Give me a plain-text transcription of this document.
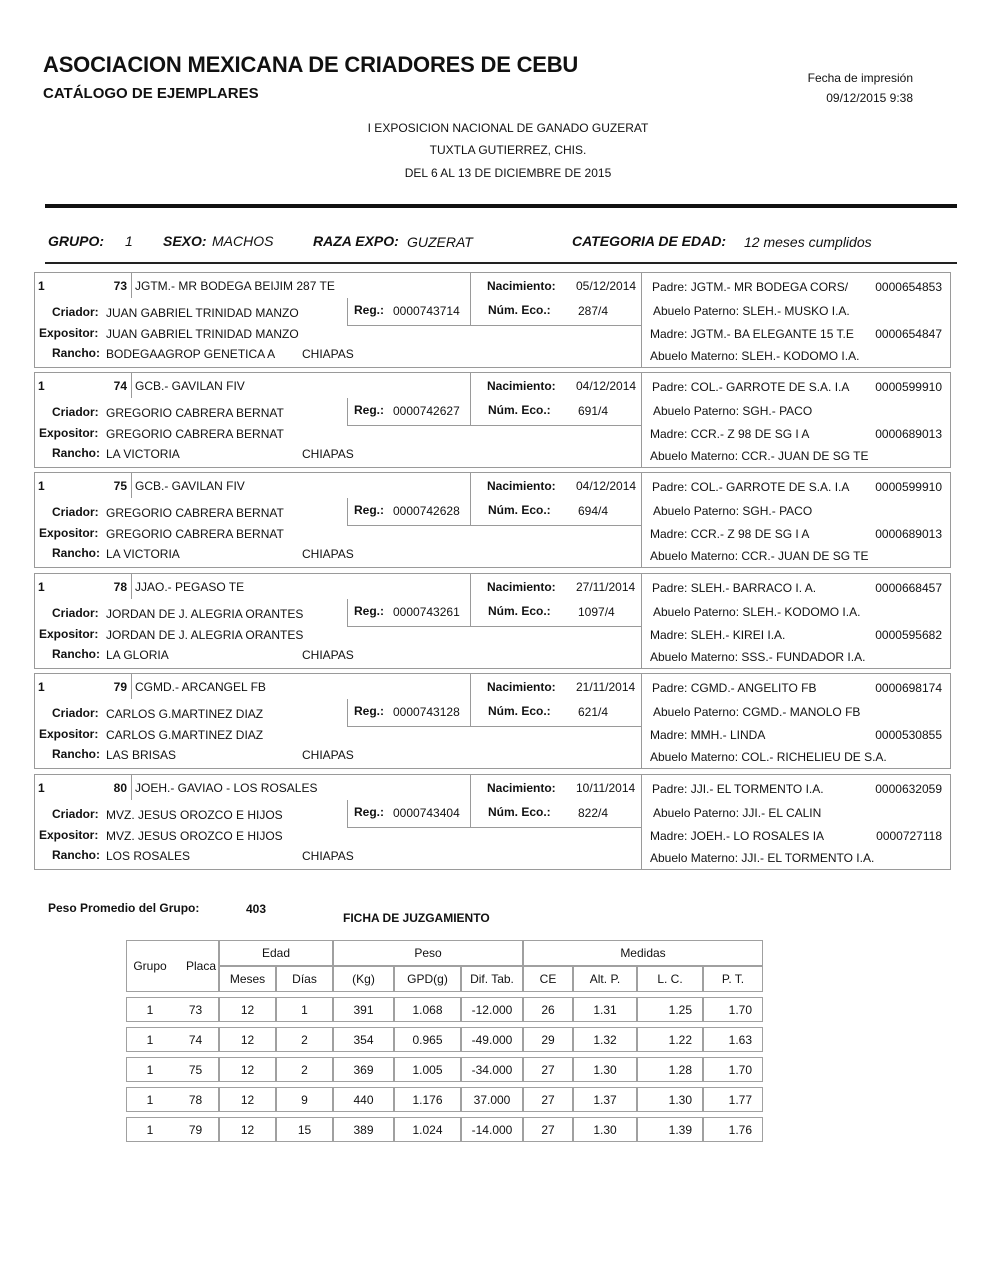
ASOCIACION MEXICANA DE CRIADORES DE CEBU
CATÁLOGO DE EJEMPLARES
Fecha de impresión
09/12/2015 9:38
I EXPOSICION NACIONAL DE GANADO GUZERAT
TUXTLA GUTIERREZ, CHIS.
DEL 6 AL 13 DE DICIEMBRE DE 2015
GRUPO: 1 SEXO: MACHOS	RAZA EXPO: GUZERAT	CATEGORIA DE EDAD: 12 meses cumplidos
1	73 JGTM.- MR BODEGA BEIJIM 287 TE	Nacimiento: 05/12/2014
Reg.: 0000743714 Núm. Eco.: 287/4
Criador: JUAN GABRIEL TRINIDAD MANZO
Expositor: JUAN GABRIEL TRINIDAD MANZO
Rancho: BODEGAAGROP GENETICA A CHIAPAS
Padre: JGTM.- MR BODEGA CORS/	0000654853
Abuelo Paterno: SLEH.- MUSKO I.A.
Madre: JGTM.- BA ELEGANTE 15 T.E	0000654847
Abuelo Materno: SLEH.- KODOMO I.A.
1	74 GCB.- GAVILAN FIV	Nacimiento: 04/12/2014
Reg.: 0000742627 Núm. Eco.: 691/4
Criador: GREGORIO CABRERA BERNAT
Expositor: GREGORIO CABRERA BERNAT
Rancho: LA VICTORIA	CHIAPAS
Padre: COL.- GARROTE DE S.A. I.A	0000599910
Abuelo Paterno: SGH.- PACO
Madre: CCR.- Z 98 DE SG I A	0000689013
Abuelo Materno: CCR.- JUAN DE SG TE
1	75 GCB.- GAVILAN FIV	Nacimiento: 04/12/2014
Reg.: 0000742628 Núm. Eco.: 694/4
Criador: GREGORIO CABRERA BERNAT
Expositor: GREGORIO CABRERA BERNAT
Rancho: LA VICTORIA	CHIAPAS
Padre: COL.- GARROTE DE S.A. I.A	0000599910
Abuelo Paterno: SGH.- PACO
Madre: CCR.- Z 98 DE SG I A	0000689013
Abuelo Materno: CCR.- JUAN DE SG TE
1	78 JJAO.- PEGASO TE	Nacimiento: 27/11/2014
Reg.: 0000743261 Núm. Eco.: 1097/4
Criador: JORDAN DE J. ALEGRIA ORANTES
Expositor: JORDAN DE J. ALEGRIA ORANTES
Rancho: LA GLORIA	CHIAPAS
Padre: SLEH.- BARRACO I. A.	0000668457
Abuelo Paterno: SLEH.- KODOMO I.A.
Madre: SLEH.- KIREI I.A.	0000595682
Abuelo Materno: SSS.- FUNDADOR I.A.
1	79 CGMD.- ARCANGEL FB	Nacimiento: 21/11/2014
Reg.: 0000743128 Núm. Eco.: 621/4
Criador: CARLOS G.MARTINEZ DIAZ
Expositor: CARLOS G.MARTINEZ DIAZ
Rancho: LAS BRISAS	CHIAPAS
Padre: CGMD.- ANGELITO FB	0000698174
Abuelo Paterno: CGMD.- MANOLO FB
Madre: MMH.- LINDA	0000530855
Abuelo Materno: COL.- RICHELIEU DE S.A.
1	80 JOEH.- GAVIAO - LOS ROSALES	Nacimiento: 10/11/2014
Reg.: 0000743404 Núm. Eco.: 822/4
Criador: MVZ. JESUS OROZCO E HIJOS
Expositor: MVZ. JESUS OROZCO E HIJOS
Rancho: LOS ROSALES	CHIAPAS
Padre: JJI.- EL TORMENTO I.A.	0000632059
Abuelo Paterno: JJI.- EL CALIN
Madre: JOEH.- LO ROSALES IA	0000727118
Abuelo Materno: JJI.- EL TORMENTO I.A.
Peso Promedio del Grupo:	403
FICHA DE JUZGAMIENTO
Grupo	Placa	Edad		Peso			Medidas			
		Meses	Días	(Kg)	GPD(g)	Dif. Tab.	CE	Alt. P.	L. C.	P. T.

1	73	12	1	391	1.068	-12.000	26	1.31	1.25	1.70

1	74	12	2	354	0.965	-49.000	29	1.32	1.22	1.63

1	75	12	2	369	1.005	-34.000	27	1.30	1.28	1.70

1	78	12	9	440	1.176	37.000	27	1.37	1.30	1.77

1	79	12	15	389	1.024	-14.000	27	1.30	1.39	1.76
